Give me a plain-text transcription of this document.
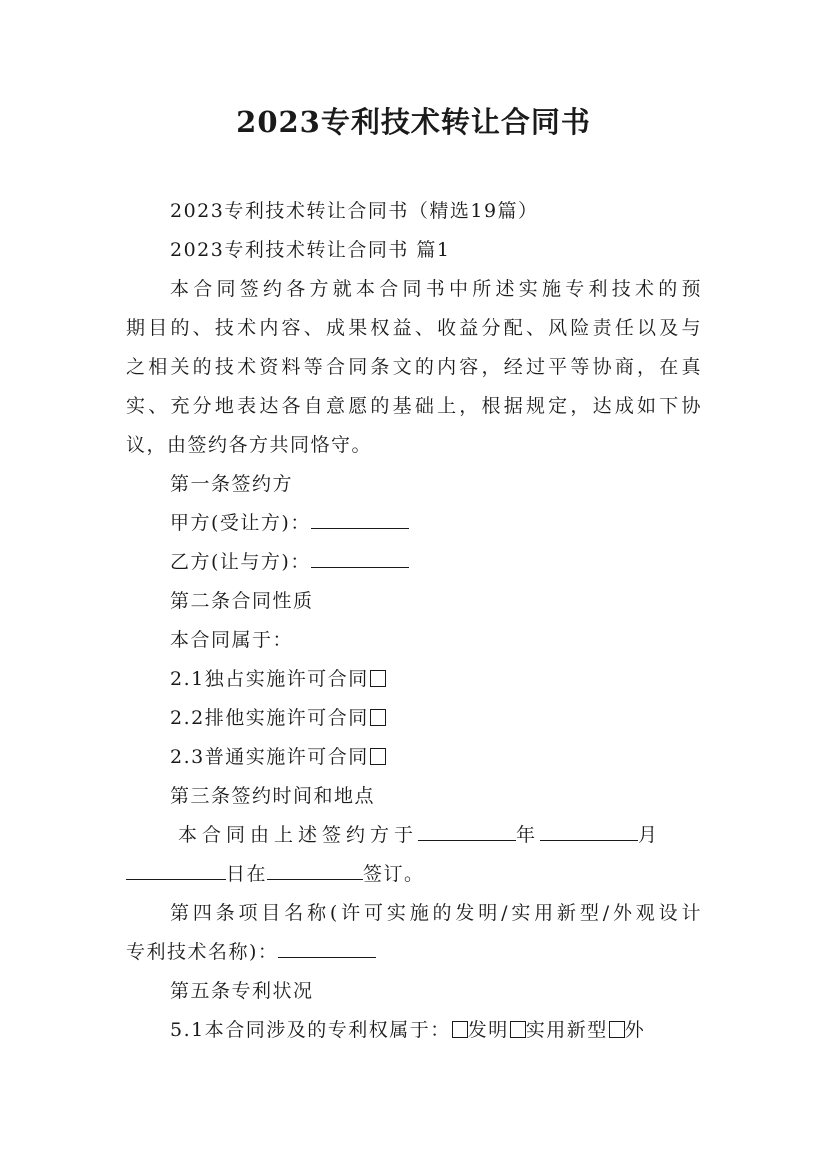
2023专利技术转让合同书
2023专利技术转让合同书（精选19篇）
2023专利技术转让合同书 篇1
本合同签约各方就本合同书中所述实施专利技术的预
期目的、技术内容、成果权益、收益分配、风险责任以及与
之相关的技术资料等合同条文的内容，经过平等协商，在真
实、充分地表达各自意愿的基础上，根据规定，达成如下协
议，由签约各方共同恪守。
第一条签约方
甲方(受让方)：
乙方(让与方)：
第二条合同性质
本合同属于：
2.1独占实施许可合同
2.2排他实施许可合同
2.3普通实施许可合同
第三条签约时间和地点
本合同由上述签约方于	年	月
日在	签订。
第四条项目名称(许可实施的发明/实用新型/外观设计
专利技术名称)：
第五条专利状况
5.1本合同涉及的专利权属于： 发明 实用新型 外
